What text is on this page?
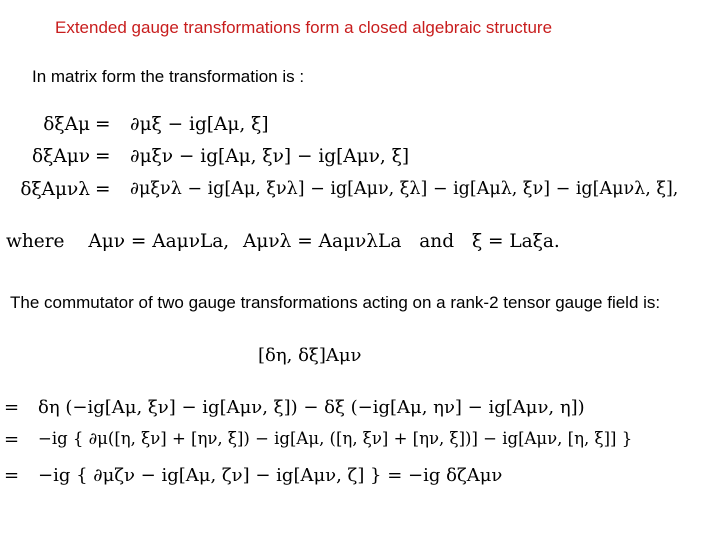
Extended gauge transformations form a closed algebraic structure
In matrix form the transformation is :
δξAμ = ∂μξ − ig[Aμ, ξ]
δξAμν = ∂μξν − ig[Aμ, ξν] − ig[Aμν, ξ]
δξAμνλ = ∂μξνλ − ig[Aμ, ξνλ] − ig[Aμν, ξλ] − ig[Aμλ, ξν] − ig[Aμνλ, ξ],
where Aμν = AaμνLa, Aμνλ = AaμνλLa and ξ = Laξa.
The commutator of two gauge transformations acting on a rank-2 tensor gauge field is:
[δη, δξ]Aμν
= δη (−ig[Aμ, ξν] − ig[Aμν, ξ]) − δξ (−ig[Aμ, ην] − ig[Aμν, η])
= −ig { ∂μ([η, ξν] + [ην, ξ]) − ig[Aμ, ([η, ξν] + [ην, ξ])] − ig[Aμν, [η, ξ]] }
= −ig { ∂μζν − ig[Aμ, ζν] − ig[Aμν, ζ] } = −ig δζAμν
